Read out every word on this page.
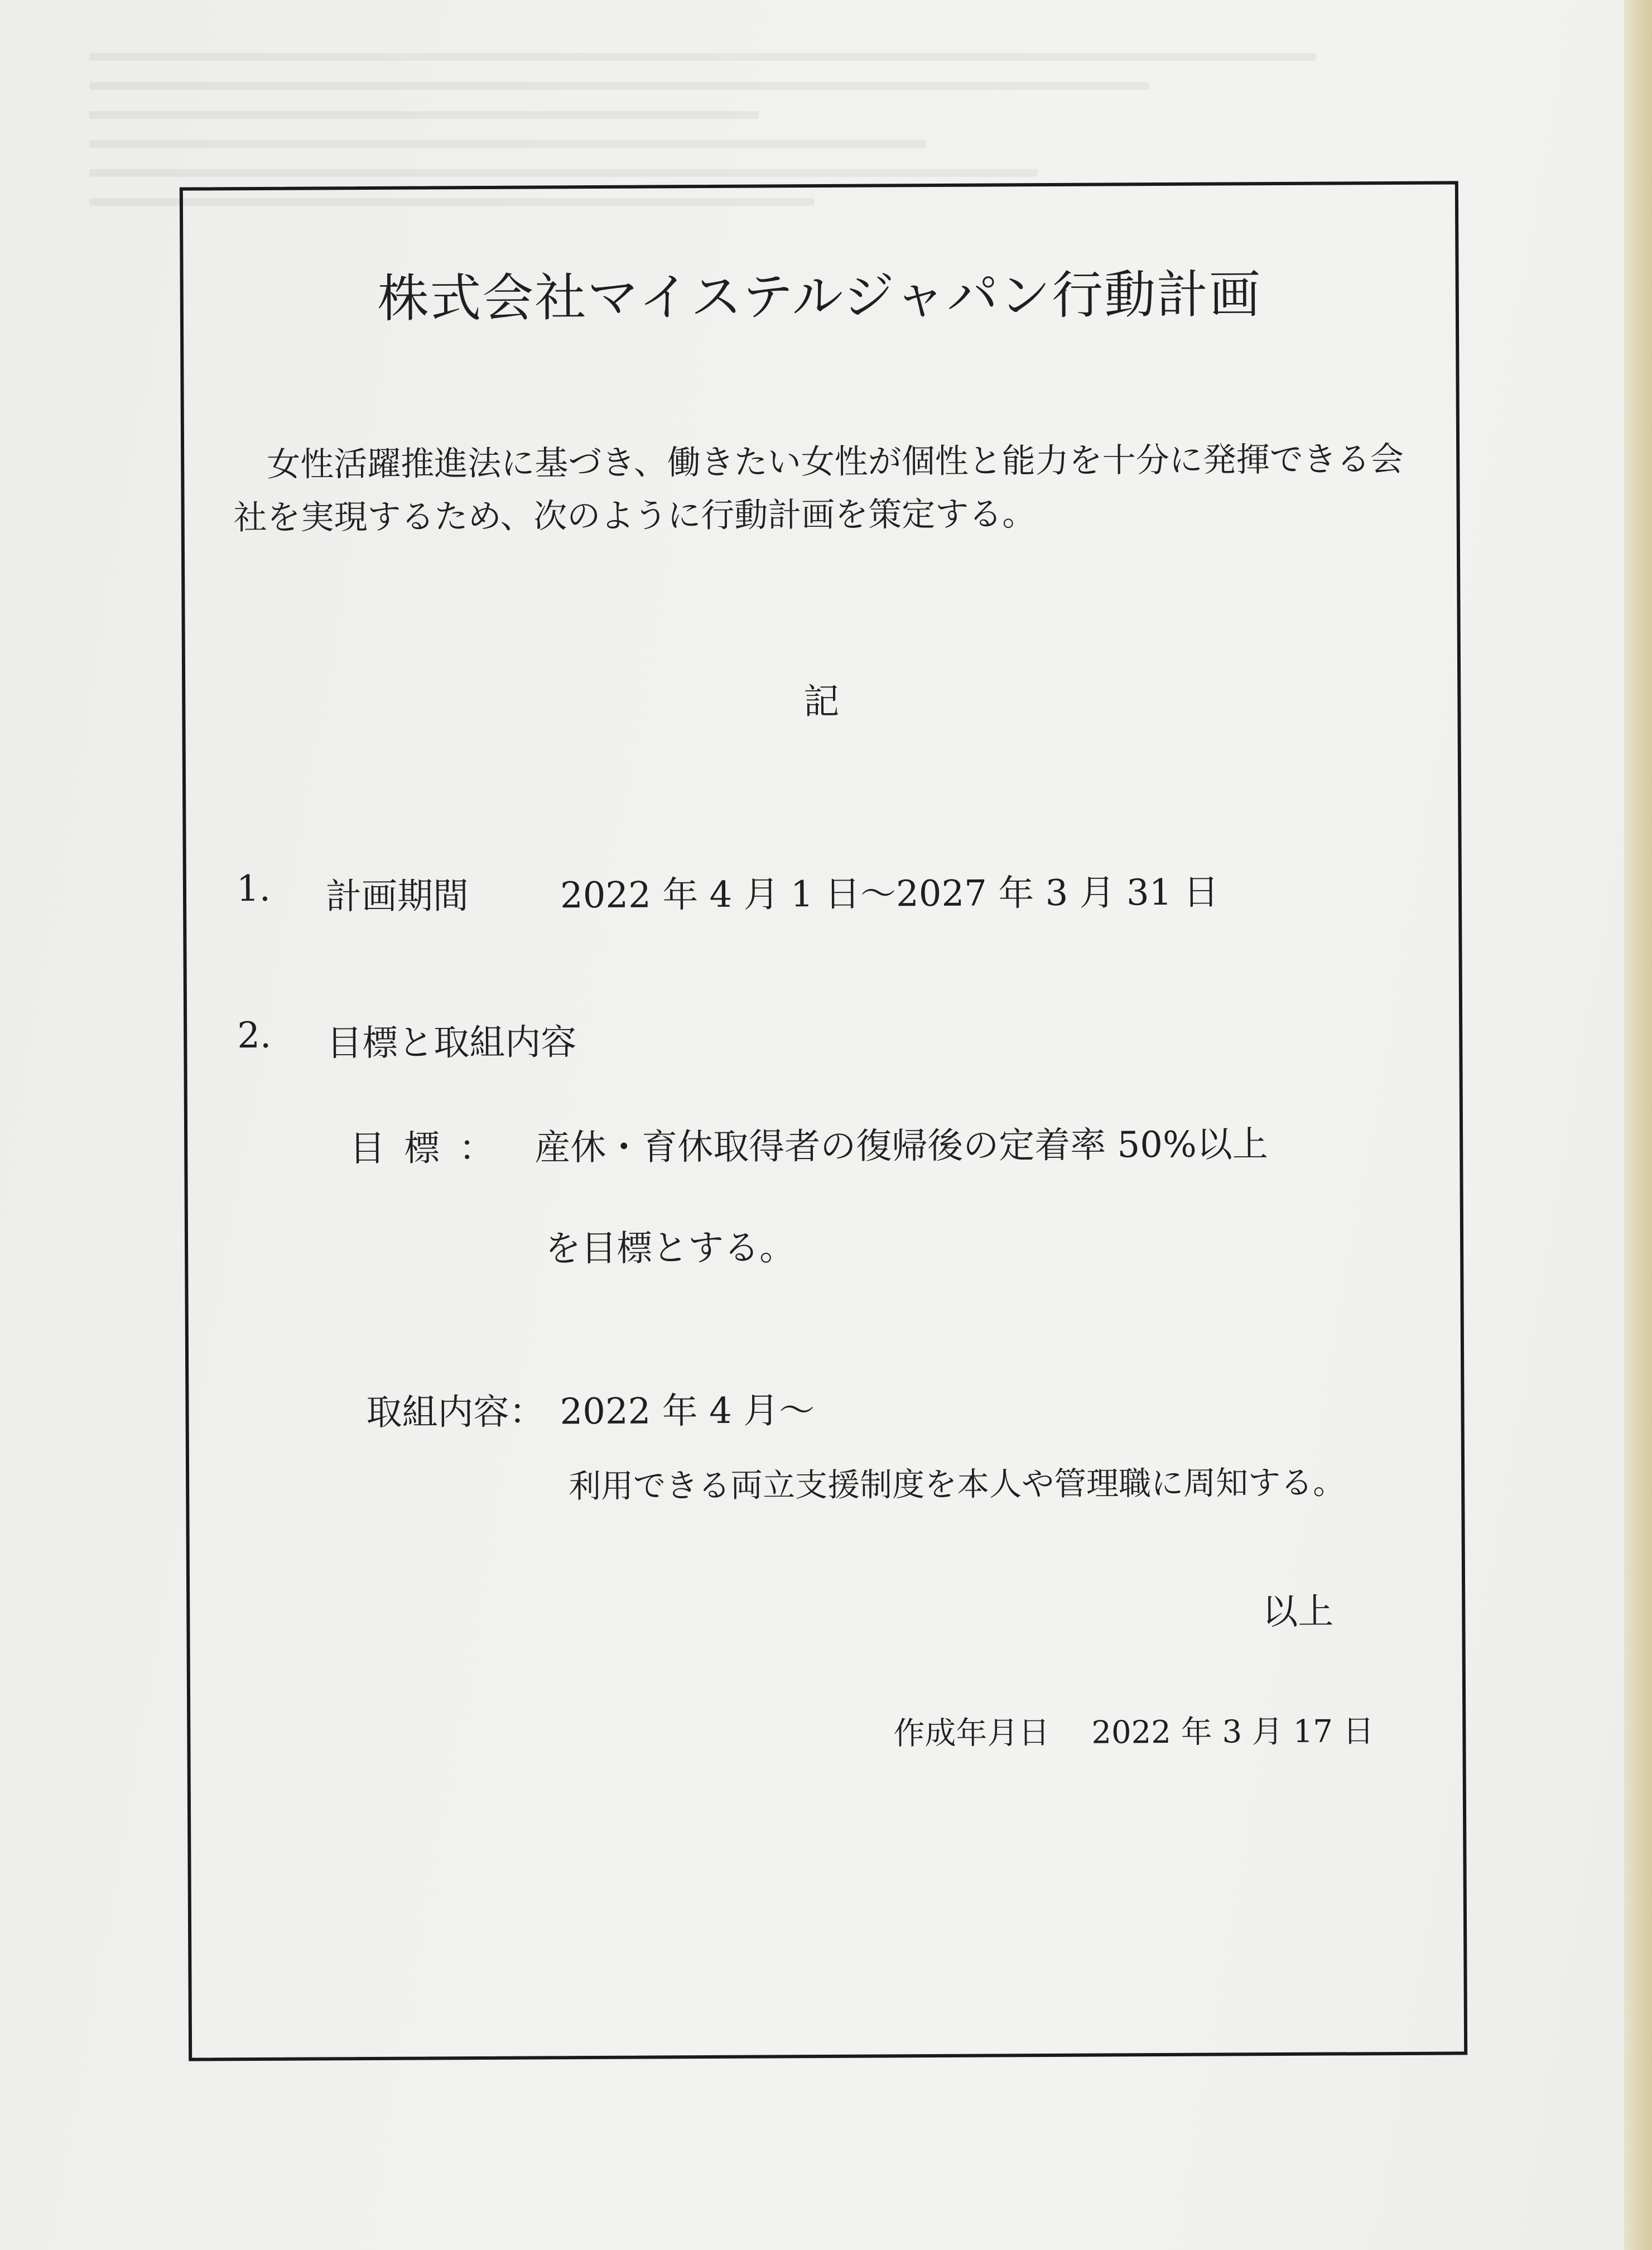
株式会社マイステルジャパン行動計画
　女性活躍推進法に基づき、働きたい女性が個性と能力を十分に発揮できる会
社を実現するため、次のように行動計画を策定する。
記
1. 計画期間	2022 年 4 月 1 日～2027 年 3 月 31 日
2. 目標と取組内容
目標： 産休・育休取得者の復帰後の定着率 50%以上
を目標とする。
取組内容： 2022 年 4 月～
利用できる両立支援制度を本人や管理職に周知する。
以上
作成年月日 2022 年 3 月 17 日
